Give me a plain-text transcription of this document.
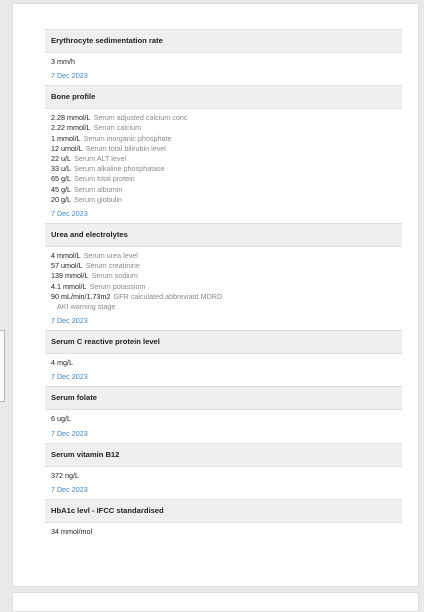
Erythrocyte sedimentation rate
3 mm/h
7 Dec 2023
Bone profile
2.28 mmol/L Serum adjusted calcium conc
2.22 mmol/L Serum calcium
1 mmol/L Serum inorganic phosphate
12 umol/L Serum total bilirubin level
22 u/L Serum ALT level
33 u/L Serum alkaline phosphatase
65 g/L Serum total protein
45 g/L Serum albumin
20 g/L Serum globulin
7 Dec 2023
Urea and electrolytes
4 mmol/L Serum urea level
57 umol/L Serum creatinine
139 mmol/L Serum sodium
4.1 mmol/L Serum potassium
90 mL/min/1.73m2 GFR calculated abbreviatd MDRD
AKI warning stage
7 Dec 2023
Serum C reactive protein level
4 mg/L
7 Dec 2023
Serum folate
6 ug/L
7 Dec 2023
Serum vitamin B12
372 ng/L
7 Dec 2023
HbA1c levl - IFCC standardised
34 mmol/mol
